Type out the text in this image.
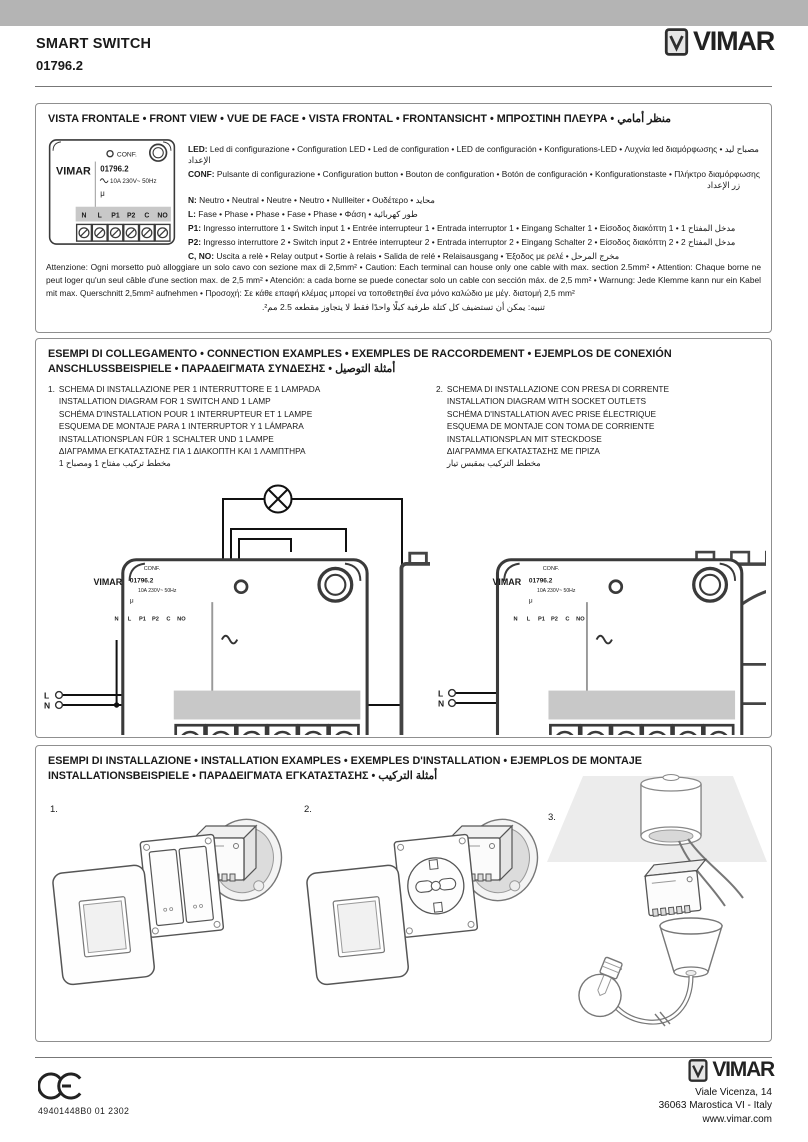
SMART SWITCH
01796.2
VIMAR
VISTA FRONTALE • FRONT VIEW • VUE DE FACE • VISTA FRONTAL • FRONTANSICHT • ΜΠΡΟΣΤΙΝΗ ΠΛΕΥΡΑ • منظر أمامي
CONF.
VIMAR 01796.2
10A 230V~ 50Hz
μ
N L P1 P2 C NO
LED: Led di configurazione • Configuration LED • Led de configuration • LED de configuración • Konfigurations-LED • Λυχνία led διαμόρφωσης • مصباح ليد الإعداد
CONF: Pulsante di configurazione • Configuration button • Bouton de configuration • Botón de configuración • Konfigurationstaste • Πλήκτρο διαμόρφωσης
زر الإعداد
N: Neutro • Neutral • Neutre • Neutro • Nullleiter • Ουδέτερο • محايد
L: Fase • Phase • Phase • Fase • Phase • Φάση • طور كهربائية
P1: Ingresso interruttore 1 • Switch input 1 • Entrée interrupteur 1 • Entrada interruptor 1 • Eingang Schalter 1 • Είσοδος διακόπτη 1 • مدخل المفتاح 1
P2: Ingresso interruttore 2 • Switch input 2 • Entrée interrupteur 2 • Entrada interruptor 2 • Eingang Schalter 2 • Είσοδος διακόπτη 2 • مدخل المفتاح 2
C, NO: Uscita a relè • Relay output • Sortie à relais • Salida de relé • Relaisausgang • Έξοδος με ρελέ • مخرج المرحل

Attenzione: Ogni morsetto può alloggiare un solo cavo con sezione max di 2,5mm² • Caution: Each terminal can house only one cable with max. section 2.5mm² • Attention: Chaque borne ne peut loger qu'un seul câble d'une section max. de 2,5 mm² • Atención: a cada borne se puede conectar solo un cable con sección máx. de 2,5 mm² • Warnung: Jede Klemme kann nur ein Kabel mit max. Querschnitt 2,5mm² aufnehmen • Προσοχή: Σε κάθε επαφή κλέμας μπορεί να τοποθετηθεί ένα μόνο καλώδιο με μέγ. διατομή 2,5 mm²

تنبيه: يمكن أن تستضيف كل كتلة طرفية كبلًا واحدًا فقط لا يتجاوز مقطعه 2.5 مم².
ESEMPI DI COLLEGAMENTO • CONNECTION EXAMPLES • EXEMPLES DE RACCORDEMENT • EJEMPLOS DE CONEXIÓN
ANSCHLUSSBEISPIELE • ΠΑΡΑΔΕΙΓΜΑΤΑ ΣΥΝΔΕΣΗΣ • أمثلة التوصيل
1. SCHEMA DI INSTALLAZIONE PER 1 INTERRUTTORE E 1 LAMPADA
INSTALLATION DIAGRAM FOR 1 SWITCH AND 1 LAMP
SCHÉMA D'INSTALLATION POUR 1 INTERRUPTEUR ET 1 LAMPE
ESQUEMA DE MONTAJE PARA 1 INTERRUPTOR Y 1 LÁMPARA
INSTALLATIONSPLAN FÜR 1 SCHALTER UND 1 LAMPE
ΔΙΑΓΡΑΜΜΑ ΕΓΚΑΤΑΣΤΑΣΗΣ ΓΙΑ 1 ΔΙΑΚΟΠΤΗ ΚΑΙ 1 ΛΑΜΠΤΗΡΑ
مخطط تركيب مفتاح 1 ومصباح 1
2. SCHEMA DI INSTALLAZIONE CON PRESA DI CORRENTE
INSTALLATION DIAGRAM WITH SOCKET OUTLETS
SCHÉMA D'INSTALLATION AVEC PRISE ÉLECTRIQUE
ESQUEMA DE MONTAJE CON TOMA DE CORRIENTE
INSTALLATIONSPLAN MIT STECKDOSE
ΔΙΑΓΡΑΜΜΑ ΕΓΚΑΤΑΣΤΑΣΗΣ ΜΕ ΠΡΙΖΑ
مخطط التركيب بمقبس تيار
L
N
CONF.
VIMAR 01796.2
10A 230V~ 50Hz
μ
N L P1 P2 C NO
L
N
CONF.
VIMAR 01796.2
10A 230V~ 50Hz
μ
N L P1 P2 C NO
ESEMPI DI INSTALLAZIONE • INSTALLATION EXAMPLES • EXEMPLES D'INSTALLATION • EJEMPLOS DE MONTAJE
INSTALLATIONSBEISPIELE • ΠΑΡΑΔΕΙΓΜΑΤΑ ΕΓΚΑΤΑΣΤΑΣΗΣ • أمثلة التركيب
1.	2.
3.
49401448B0 01 2302
VIMAR
Viale Vicenza, 14
36063 Marostica VI - Italy
www.vimar.com
